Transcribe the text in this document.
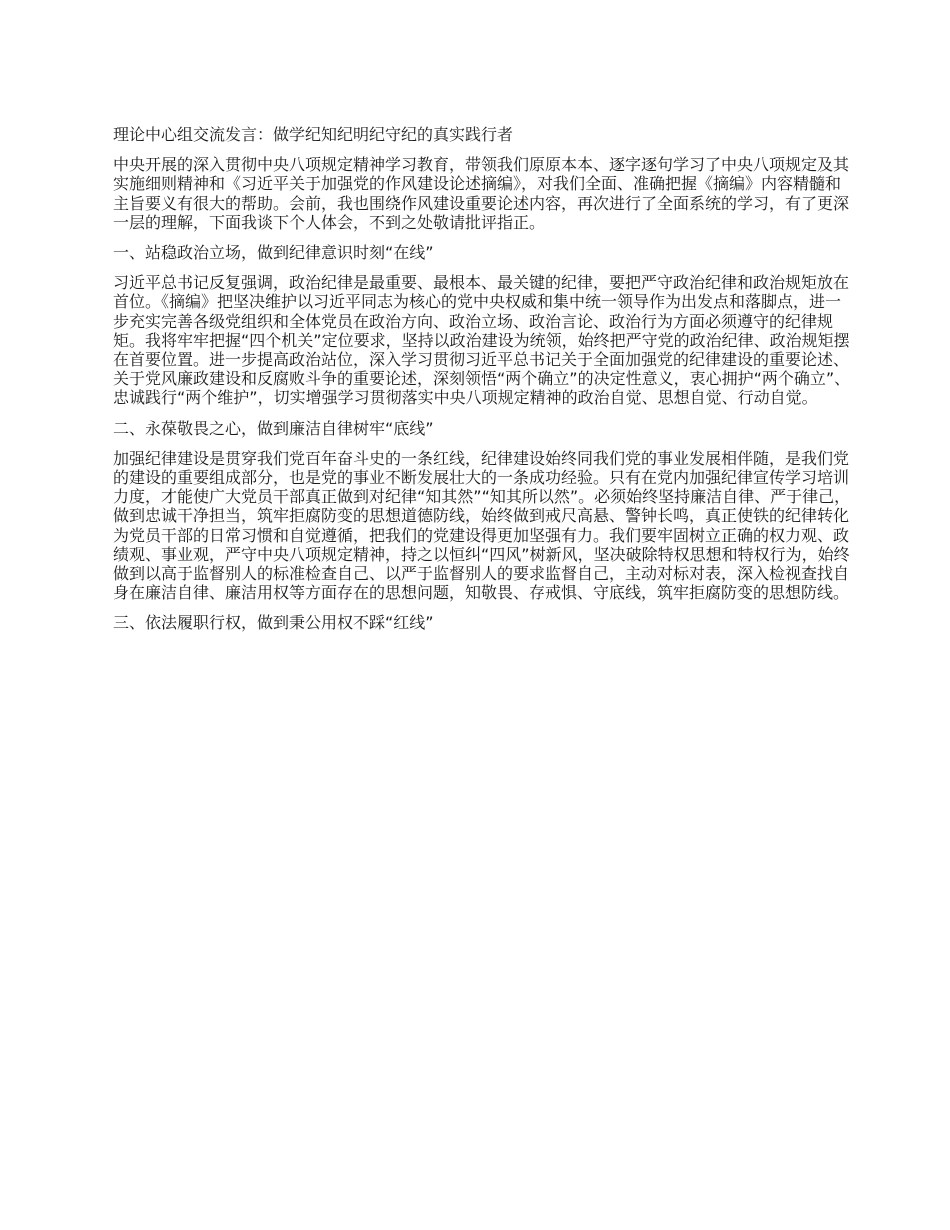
理论中心组交流发言：做学纪知纪明纪守纪的真实践行者
中央开展的深入贯彻中央八项规定精神学习教育，带领我们原原本本、逐字逐句学习了中央八项规定及其实施细则精神和《习近平关于加强党的作风建设论述摘编》，对我们全面、准确把握《摘编》内容精髓和主旨要义有很大的帮助。会前，我也围绕作风建设重要论述内容，再次进行了全面系统的学习，有了更深一层的理解，下面我谈下个人体会，不到之处敬请批评指正。
一、站稳政治立场，做到纪律意识时刻“在线”
习近平总书记反复强调，政治纪律是最重要、最根本、最关键的纪律，要把严守政治纪律和政治规矩放在首位。《摘编》把坚决维护以习近平同志为核心的党中央权威和集中统一领导作为出发点和落脚点，进一步充实完善各级党组织和全体党员在政治方向、政治立场、政治言论、政治行为方面必须遵守的纪律规矩。我将牢牢把握“四个机关”定位要求，坚持以政治建设为统领，始终把严守党的政治纪律、政治规矩摆在首要位置。进一步提高政治站位，深入学习贯彻习近平总书记关于全面加强党的纪律建设的重要论述、关于党风廉政建设和反腐败斗争的重要论述，深刻领悟“两个确立”的决定性意义，衷心拥护“两个确立”、忠诚践行“两个维护”，切实增强学习贯彻落实中央八项规定精神的政治自觉、思想自觉、行动自觉。
二、永葆敬畏之心，做到廉洁自律树牢“底线”
加强纪律建设是贯穿我们党百年奋斗史的一条红线，纪律建设始终同我们党的事业发展相伴随，是我们党的建设的重要组成部分，也是党的事业不断发展壮大的一条成功经验。只有在党内加强纪律宣传学习培训力度，才能使广大党员干部真正做到对纪律“知其然”“知其所以然”。必须始终坚持廉洁自律、严于律己，做到忠诚干净担当，筑牢拒腐防变的思想道德防线，始终做到戒尺高悬、警钟长鸣，真正使铁的纪律转化为党员干部的日常习惯和自觉遵循，把我们的党建设得更加坚强有力。我们要牢固树立正确的权力观、政绩观、事业观，严守中央八项规定精神，持之以恒纠“四风”树新风，坚决破除特权思想和特权行为，始终做到以高于监督别人的标准检查自己、以严于监督别人的要求监督自己，主动对标对表，深入检视查找自身在廉洁自律、廉洁用权等方面存在的思想问题，知敬畏、存戒惧、守底线，筑牢拒腐防变的思想防线。
三、依法履职行权，做到秉公用权不踩“红线”
